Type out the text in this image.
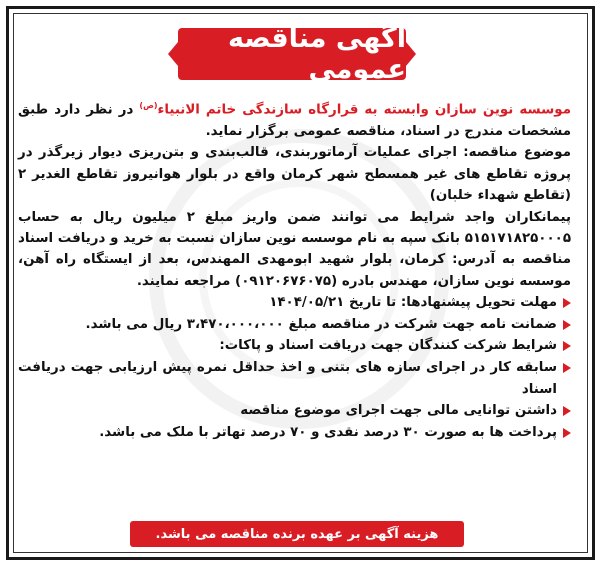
آگهی مناقصه عمومی

موسسه نوین سازان وابسته به قرارگاه سازندگی خاتم الانبیاء$^{(ص)}$ در نظر دارد طبق مشخصات مندرج در اسناد، مناقصه عمومی برگزار نماید.

موضوع مناقصه: اجرای عملیات آرماتوربندی، قالب‌بندی و بتن‌ریزی دیوار زیرگذر در پروژه تقاطع های غیر همسطح شهر کرمان واقع در بلوار هوانیروز تقاطع الغدیر ۲ (تقاطع شهداء خلبان)

پیمانکاران واجد شرایط می توانند ضمن واریز مبلغ ۲ میلیون ریال به حساب ۵۱۵۱۷۱۸۲۵۰۰۰۵ بانک سپه به نام موسسه نوین سازان نسبت به خرید و دریافت اسناد مناقصه به آدرس: کرمان، بلوار شهید ابومهدی المهندس، بعد از ایستگاه راه آهن، موسسه نوین سازان، مهندس بادره (۰۹۱۲۰۶۷۶۰۷۵) مراجعه نمایند.

مهلت تحویل پیشنهادها: تا تاریخ ۱۴۰۴/۰۵/۲۱
ضمانت نامه جهت شرکت در مناقصه مبلغ ۳،۴۷۰،۰۰۰،۰۰۰ ریال می باشد.
شرایط شرکت کنندگان جهت دریافت اسناد و پاکات:
سابقه کار در اجرای سازه های بتنی و اخذ حداقل نمره پیش ارزیابی جهت دریافت اسناد
داشتن توانایی مالی جهت اجرای موضوع مناقصه
پرداخت ها به صورت ۳۰ درصد نقدی و ۷۰ درصد تهاتر با ملک می باشد.
هزینه آگهی بر عهده برنده مناقصه می باشد.
